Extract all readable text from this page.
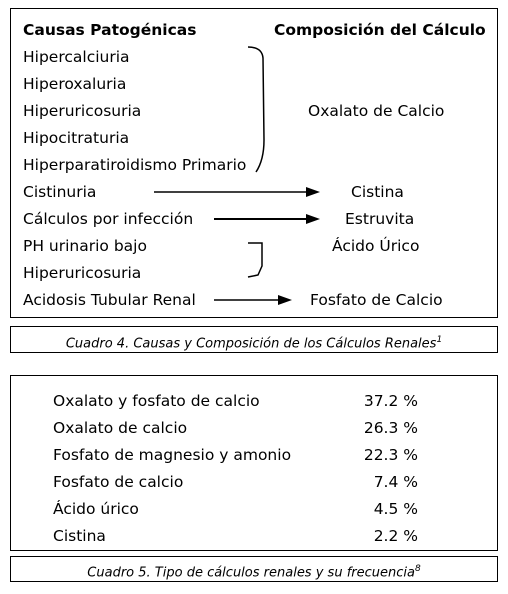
Causas Patogénicas	Composición del Cálculo
Hipercalciuria
Hiperoxaluria
Hiperuricosuria
Hipocitraturia
Hiperparatiroidismo Primario
Cistinuria
Cálculos por infección
PH urinario bajo
Hiperuricosuria
Acidosis Tubular Renal
Oxalato de Calcio
Cistina
Estruvita
Ácido Úrico
Fosfato de Calcio
Cuadro 4. Causas y Composición de los Cálculos Renales$^1$
Oxalato y fosfato de calcio
Oxalato de calcio
Fosfato de magnesio y amonio
Fosfato de calcio
Ácido úrico
Cistina
37.2 %
26.3 %
22.3 %
7.4 %
4.5 %
2.2 %
Cuadro 5. Tipo de cálculos renales y su frecuencia$^8$
